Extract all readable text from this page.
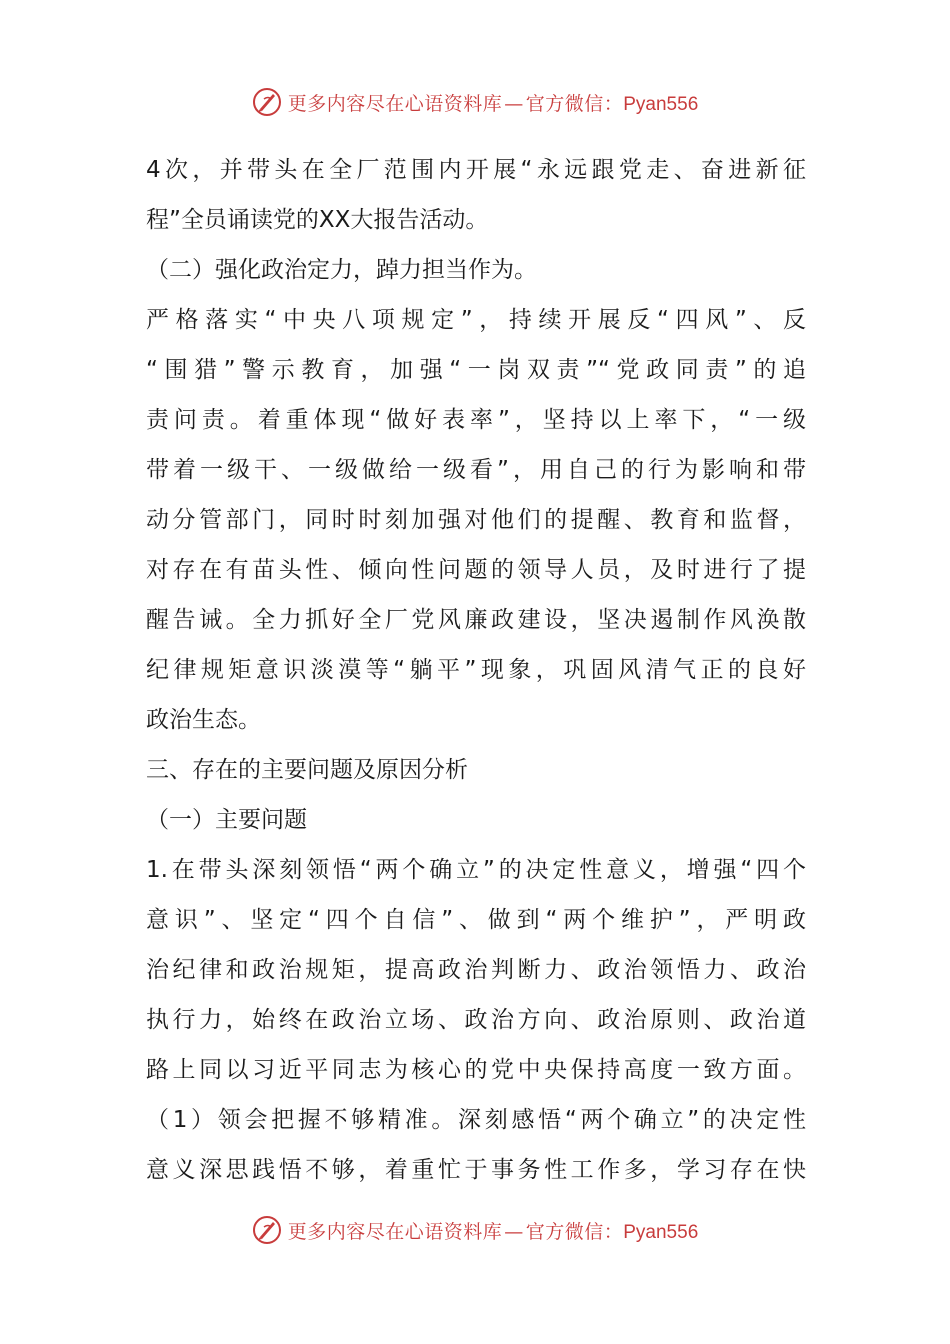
更多内容尽在心语资料库 — 官方微信：Pyan556
4次，并带头在全厂范围内开展“永远跟党走、奋进新征
程”全员诵读党的XX大报告活动。
（二）强化政治定力，踔力担当作为。
严格落实“中央八项规定”，持续开展反“四风”、反
“围猎”警示教育，加强“一岗双责”“党政同责”的追
责问责。着重体现“做好表率”，坚持以上率下，“一级
带着一级干、一级做给一级看”，用自己的行为影响和带
动分管部门，同时时刻加强对他们的提醒、教育和监督，
对存在有苗头性、倾向性问题的领导人员，及时进行了提
醒告诫。全力抓好全厂党风廉政建设，坚决遏制作风涣散
纪律规矩意识淡漠等“躺平”现象，巩固风清气正的良好
政治生态。
三、存在的主要问题及原因分析
（一）主要问题
1.在带头深刻领悟“两个确立”的决定性意义，增强“四个
意识”、坚定“四个自信”、做到“两个维护”，严明政
治纪律和政治规矩，提高政治判断力、政治领悟力、政治
执行力，始终在政治立场、政治方向、政治原则、政治道
路上同以习近平同志为核心的党中央保持高度一致方面。
（1）领会把握不够精准。深刻感悟“两个确立”的决定性
意义深思践悟不够，着重忙于事务性工作多，学习存在快
更多内容尽在心语资料库 — 官方微信：Pyan556
